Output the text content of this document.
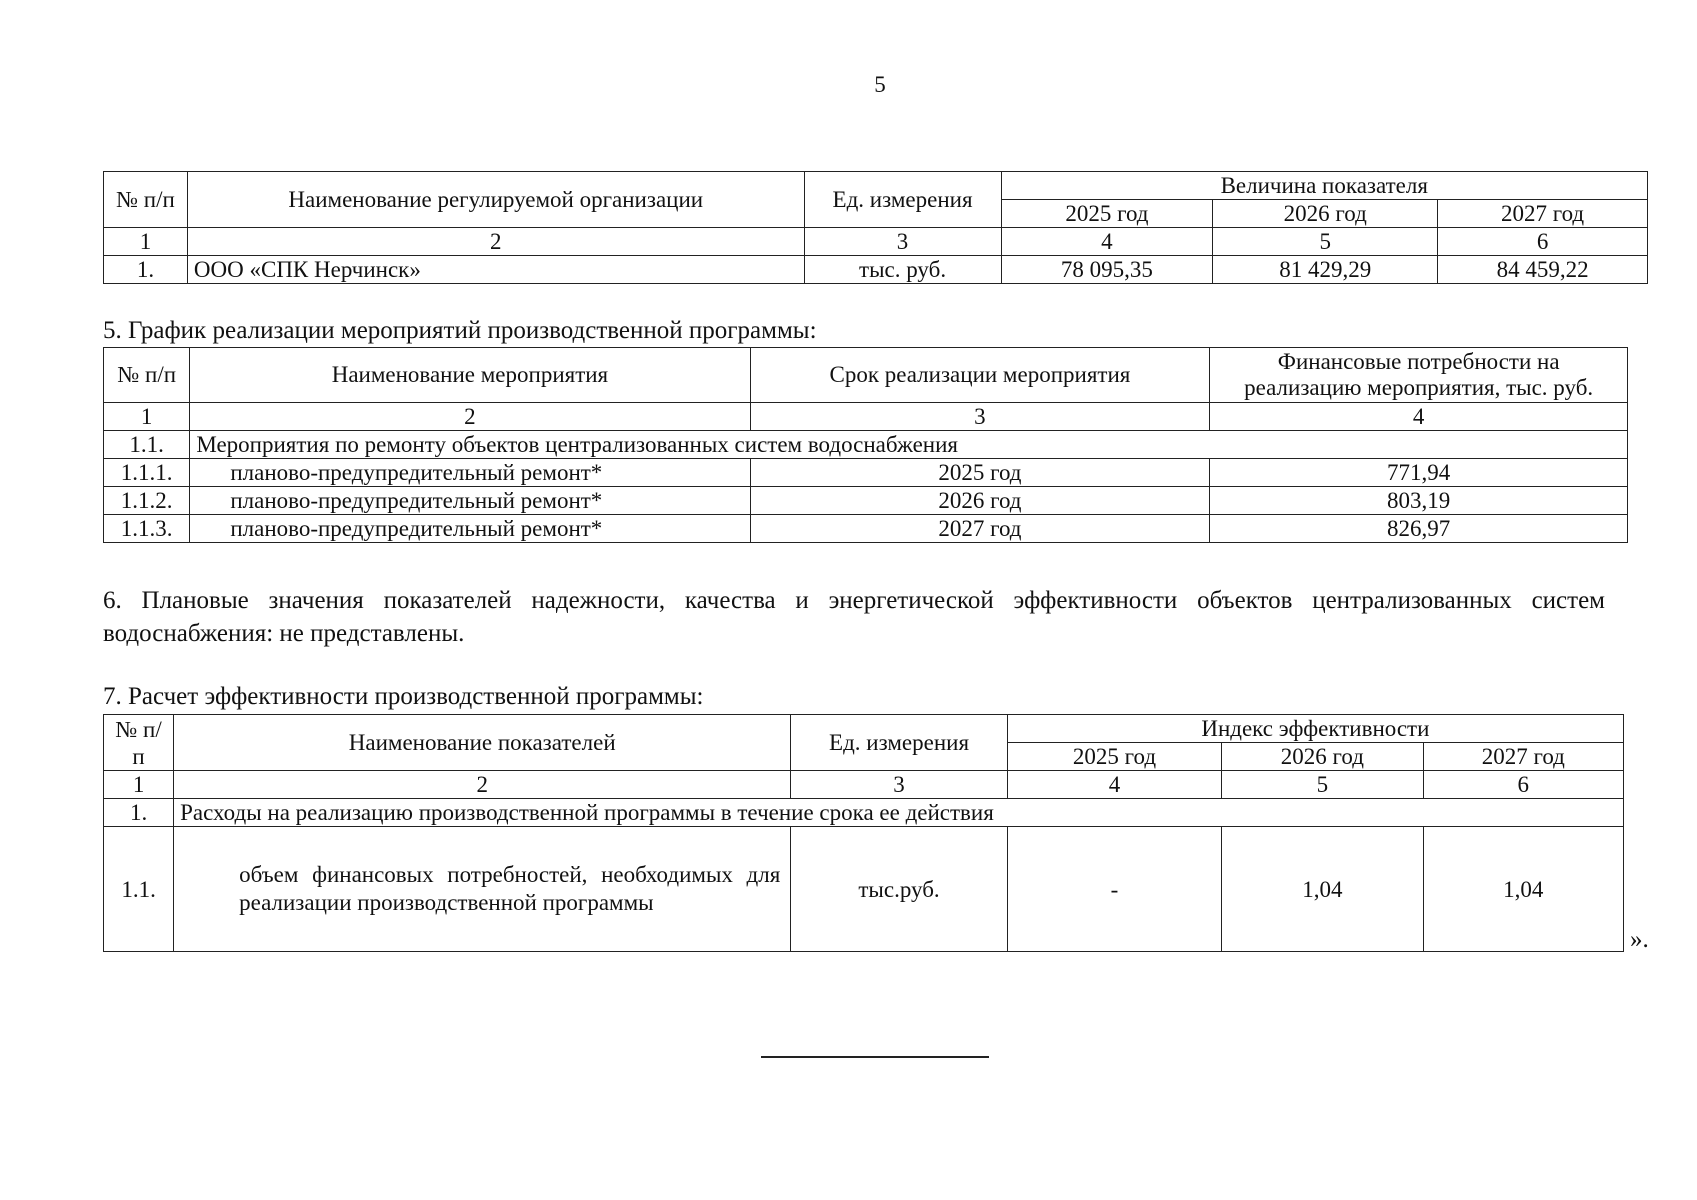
5
№ п/п	Наименование регулируемой организации	Ед. измерения	Величина показателя		
			2025 год	2026 год	2027 год
1	2	3	4	5	6
1.	ООО «СПК Нерчинск»	тыс. руб.	78 095,35	81 429,29	84 459,22
5. График реализации мероприятий производственной программы:
№ п/п	Наименование мероприятия	Срок реализации мероприятия	Финансовые потребности на
реализацию мероприятия, тыс. руб.

1	2	3	4
1.1.	Мероприятия по ремонту объектов централизованных систем водоснабжения		
1.1.1.	планово-предупредительный ремонт*	2025 год	771,94
1.1.2.	планово-предупредительный ремонт*	2026 год	803,19
1.1.3.	планово-предупредительный ремонт*	2027 год	826,97
6. Плановые значения показателей надежности, качества и энергетической эффективности объектов централизованных систем водоснабжения: не представлены.
7. Расчет эффективности производственной программы:
№ п/п	Наименование показателей	Ед. измерения	Индекс эффективности		
			2025 год	2026 год	2027 год
1	2	3	4	5	6
1.	Расходы на реализацию производственной программы в течение срока ее действия				
1.1.	объем финансовых потребностей, необходимых для реализации производственной программы	тыс.руб.	-	1,04	1,04
».
